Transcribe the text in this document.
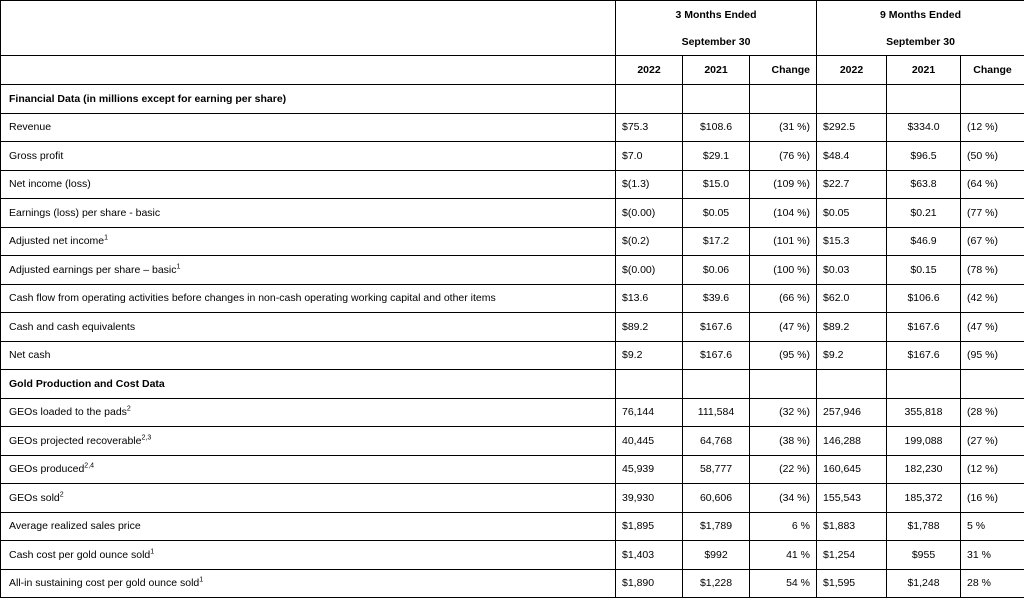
	3 Months Ended			9 Months Ended		
	September 30			September 30		
	2022	2021	Change	2022	2021	Change
Financial Data (in millions except for earning per share)						
Revenue	$75.3	$108.6	(31 %)	$292.5	$334.0	(12 %)
Gross profit	$7.0	$29.1	(76 %)	$48.4	$96.5	(50 %)
Net income (loss)	$(1.3)	$15.0	(109 %)	$22.7	$63.8	(64 %)
Earnings (loss) per share - basic	$(0.00)	$0.05	(104 %)	$0.05	$0.21	(77 %)
Adjusted net income$^1$	$(0.2)	$17.2	(101 %)	$15.3	$46.9	(67 %)
Adjusted earnings per share – basic$^1$	$(0.00)	$0.06	(100 %)	$0.03	$0.15	(78 %)
Cash flow from operating activities before changes in non-cash operating working capital and other items	$13.6	$39.6	(66 %)	$62.0	$106.6	(42 %)
Cash and cash equivalents	$89.2	$167.6	(47 %)	$89.2	$167.6	(47 %)
Net cash	$9.2	$167.6	(95 %)	$9.2	$167.6	(95 %)
Gold Production and Cost Data						
GEOs loaded to the pads$^2$	76,144	111,584	(32 %)	257,946	355,818	(28 %)
GEOs projected recoverable$^{2,3}$	40,445	64,768	(38 %)	146,288	199,088	(27 %)
GEOs produced$^{2,4}$	45,939	58,777	(22 %)	160,645	182,230	(12 %)
GEOs sold$^2$	39,930	60,606	(34 %)	155,543	185,372	(16 %)
Average realized sales price	$1,895	$1,789	6 %	$1,883	$1,788	5 %
Cash cost per gold ounce sold$^1$	$1,403	$992	41 %	$1,254	$955	31 %
All-in sustaining cost per gold ounce sold$^1$	$1,890	$1,228	54 %	$1,595	$1,248	28 %
